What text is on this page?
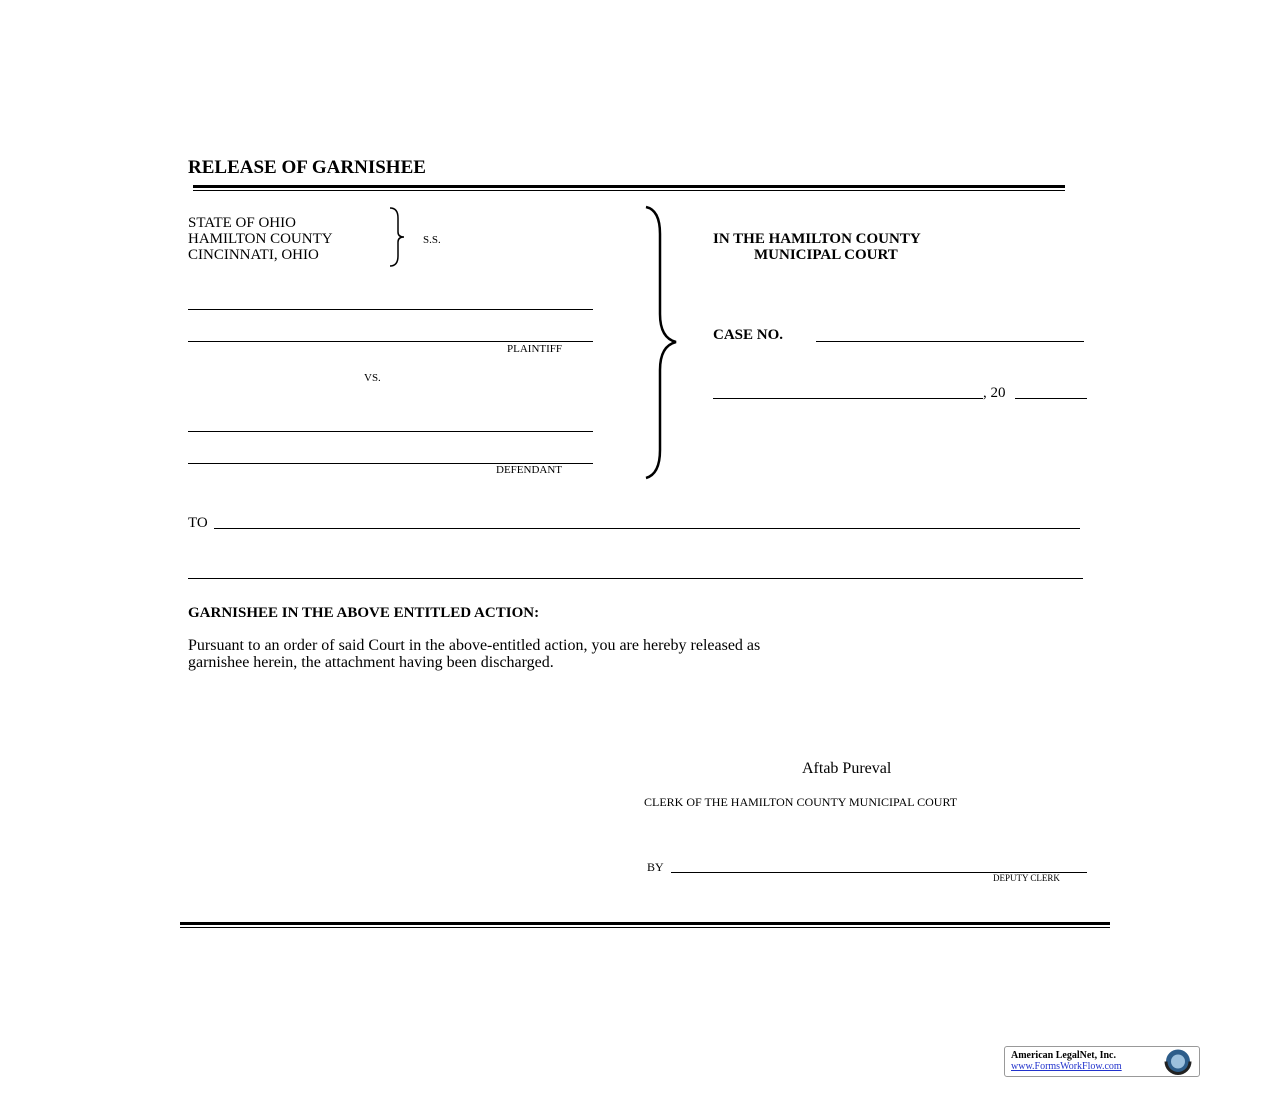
RELEASE OF GARNISHEE
STATE OF OHIO
HAMILTON COUNTY
CINCINNATI, OHIO
S.S.
PLAINTIFF
VS.
DEFENDANT
IN THE HAMILTON COUNTY
MUNICIPAL COURT
CASE NO.
, 20
TO
GARNISHEE IN THE ABOVE ENTITLED ACTION:
Pursuant to an order of said Court in the above-entitled action, you are hereby released as
garnishee herein, the attachment having been discharged.
Aftab Pureval
CLERK OF THE HAMILTON COUNTY MUNICIPAL COURT
BY
DEPUTY CLERK
American LegalNet, Inc.
www.FormsWorkFlow.com
